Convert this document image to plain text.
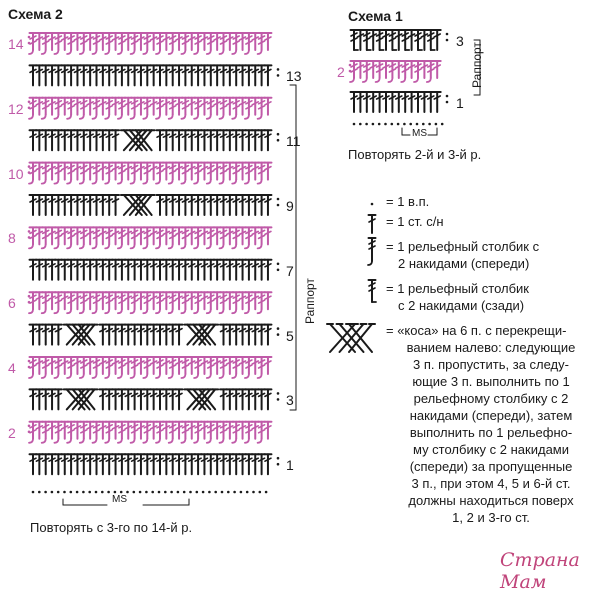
Схема 2
14
13
12
11
10
9
8
7
6
5
4
3
2
1
Раппорт
MS
Повторять с 3-го по 14-й р.
Схема 1
3
2
1
Раппорт
MS
Повторять 2-й и 3-й р.
= 1 в.п.
= 1 ст. с/н
= 1 рельефный столбик с
2 накидами (спереди)
= 1 рельефный столбик
с 2 накидами (сзади)
= «коса» на 6 п. с перекрещи-
ванием налево: следующие
3 п. пропустить, за следу-
ющие 3 п. выполнить по 1
рельефному столбику с 2
накидами (спереди), затем
выполнить по 1 рельефно-
му столбику с 2 накидами
(спереди) за пропущенные
3 п., при этом 4, 5 и 6-й ст.
должны находиться поверх
1, 2 и 3-го ст.
Страна Мам
